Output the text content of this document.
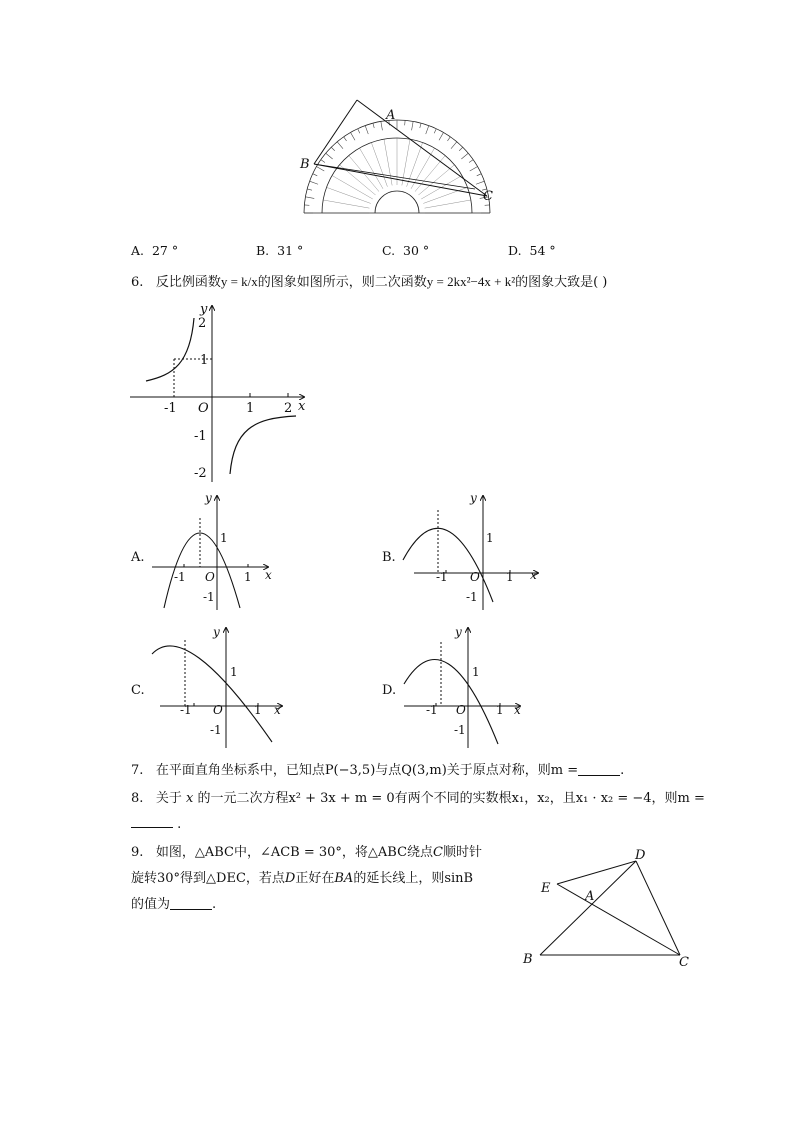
A
B
C
A. 27 °	B. 31 °	C. 30 °	D. 54 °
6. 反比例函数y = k/x的图象如图所示，则二次函数y = 2kx²−4x + k²的图象大致是( )
y
x
O
-1	1 2
2
1
-1
-2
A.
y
x
-1 O 1
1
-1
B.
y
x
-1 O 1
1
-1
C.
y
x
-1 O	1
1
-1
D.
y
x
-1 O	1
1
-1
7. 在平面直角坐标系中，已知点P(−3,5)与点Q(3,m)关于原点对称，则m =	.
8. 关于 x 的一元二次方程x² + 3x + m = 0有两个不同的实数根x₁，x₂，且x₁ · x₂ = −4，则m =
.
9. 如图，△ABC中，∠ACB = 30°，将△ABC绕点C顺时针
旋转30°得到△DEC，若点D正好在BA的延长线上，则sinB
的值为	.
D
E
A
B	C
